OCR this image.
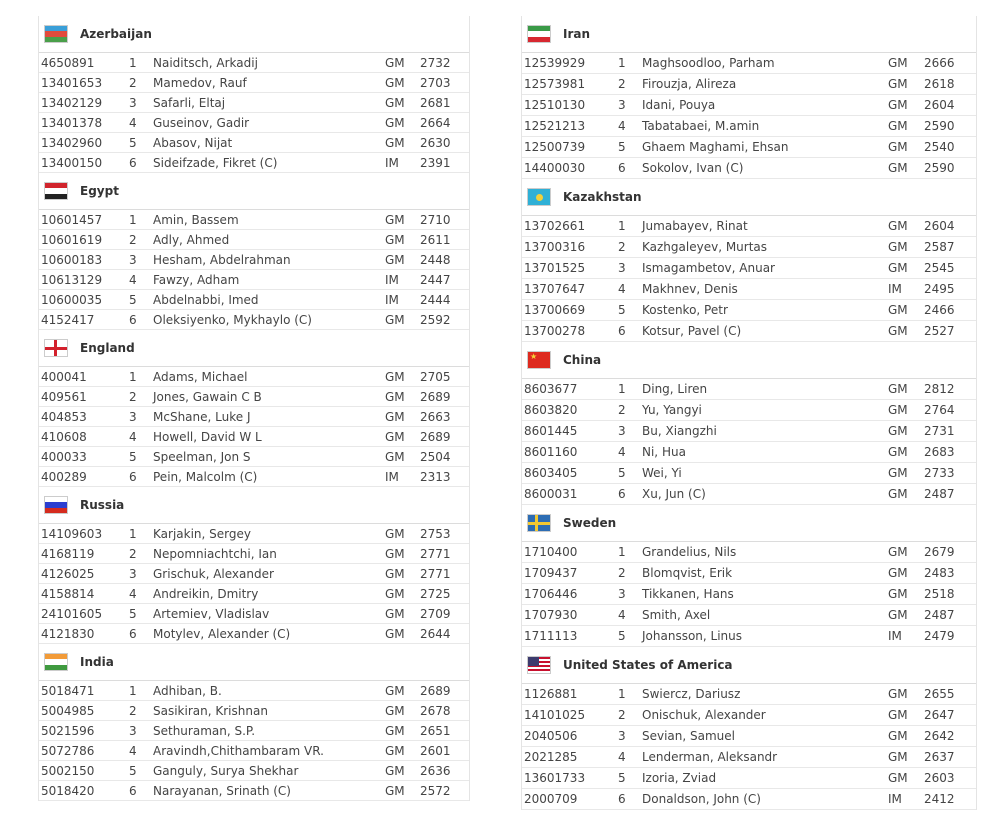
Azerbaijan
4650891	1	Naiditsch, Arkadij	GM	2732
13401653	2	Mamedov, Rauf	GM	2703
13402129	3	Safarli, Eltaj	GM	2681
13401378	4	Guseinov, Gadir	GM	2664
13402960	5	Abasov, Nijat	GM	2630
13400150	6	Sideifzade, Fikret (C)	IM	2391
Egypt
10601457	1	Amin, Bassem	GM	2710
10601619	2	Adly, Ahmed	GM	2611
10600183	3	Hesham, Abdelrahman	GM	2448
10613129	4	Fawzy, Adham	IM	2447
10600035	5	Abdelnabbi, Imed	IM	2444
4152417	6	Oleksiyenko, Mykhaylo (C)	GM	2592
England
400041	1	Adams, Michael	GM	2705
409561	2	Jones, Gawain C B	GM	2689
404853	3	McShane, Luke J	GM	2663
410608	4	Howell, David W L	GM	2689
400033	5	Speelman, Jon S	GM	2504
400289	6	Pein, Malcolm (C)	IM	2313
Russia
14109603	1	Karjakin, Sergey	GM	2753
4168119	2	Nepomniachtchi, Ian	GM	2771
4126025	3	Grischuk, Alexander	GM	2771
4158814	4	Andreikin, Dmitry	GM	2725
24101605	5	Artemiev, Vladislav	GM	2709
4121830	6	Motylev, Alexander (C)	GM	2644
India
5018471	1	Adhiban, B.	GM	2689
5004985	2	Sasikiran, Krishnan	GM	2678
5021596	3	Sethuraman, S.P.	GM	2651
5072786	4	Aravindh,Chithambaram VR.	GM	2601
5002150	5	Ganguly, Surya Shekhar	GM	2636
5018420	6	Narayanan, Srinath (C)	GM	2572
Iran
12539929	1	Maghsoodloo, Parham	GM	2666
12573981	2	Firouzja, Alireza	GM	2618
12510130	3	Idani, Pouya	GM	2604
12521213	4	Tabatabaei, M.amin	GM	2590
12500739	5	Ghaem Maghami, Ehsan	GM	2540
14400030	6	Sokolov, Ivan (C)	GM	2590
Kazakhstan
13702661	1	Jumabayev, Rinat	GM	2604
13700316	2	Kazhgaleyev, Murtas	GM	2587
13701525	3	Ismagambetov, Anuar	GM	2545
13707647	4	Makhnev, Denis	IM	2495
13700669	5	Kostenko, Petr	GM	2466
13700278	6	Kotsur, Pavel (C)	GM	2527
★ China
8603677	1	Ding, Liren	GM	2812
8603820	2	Yu, Yangyi	GM	2764
8601445	3	Bu, Xiangzhi	GM	2731
8601160	4	Ni, Hua	GM	2683
8603405	5	Wei, Yi	GM	2733
8600031	6	Xu, Jun (C)	GM	2487
Sweden
1710400	1	Grandelius, Nils	GM	2679
1709437	2	Blomqvist, Erik	GM	2483
1706446	3	Tikkanen, Hans	GM	2518
1707930	4	Smith, Axel	GM	2487
1711113	5	Johansson, Linus	IM	2479
United States of America
1126881	1	Swiercz, Dariusz	GM	2655
14101025	2	Onischuk, Alexander	GM	2647
2040506	3	Sevian, Samuel	GM	2642
2021285	4	Lenderman, Aleksandr	GM	2637
13601733	5	Izoria, Zviad	GM	2603
2000709	6	Donaldson, John (C)	IM	2412
